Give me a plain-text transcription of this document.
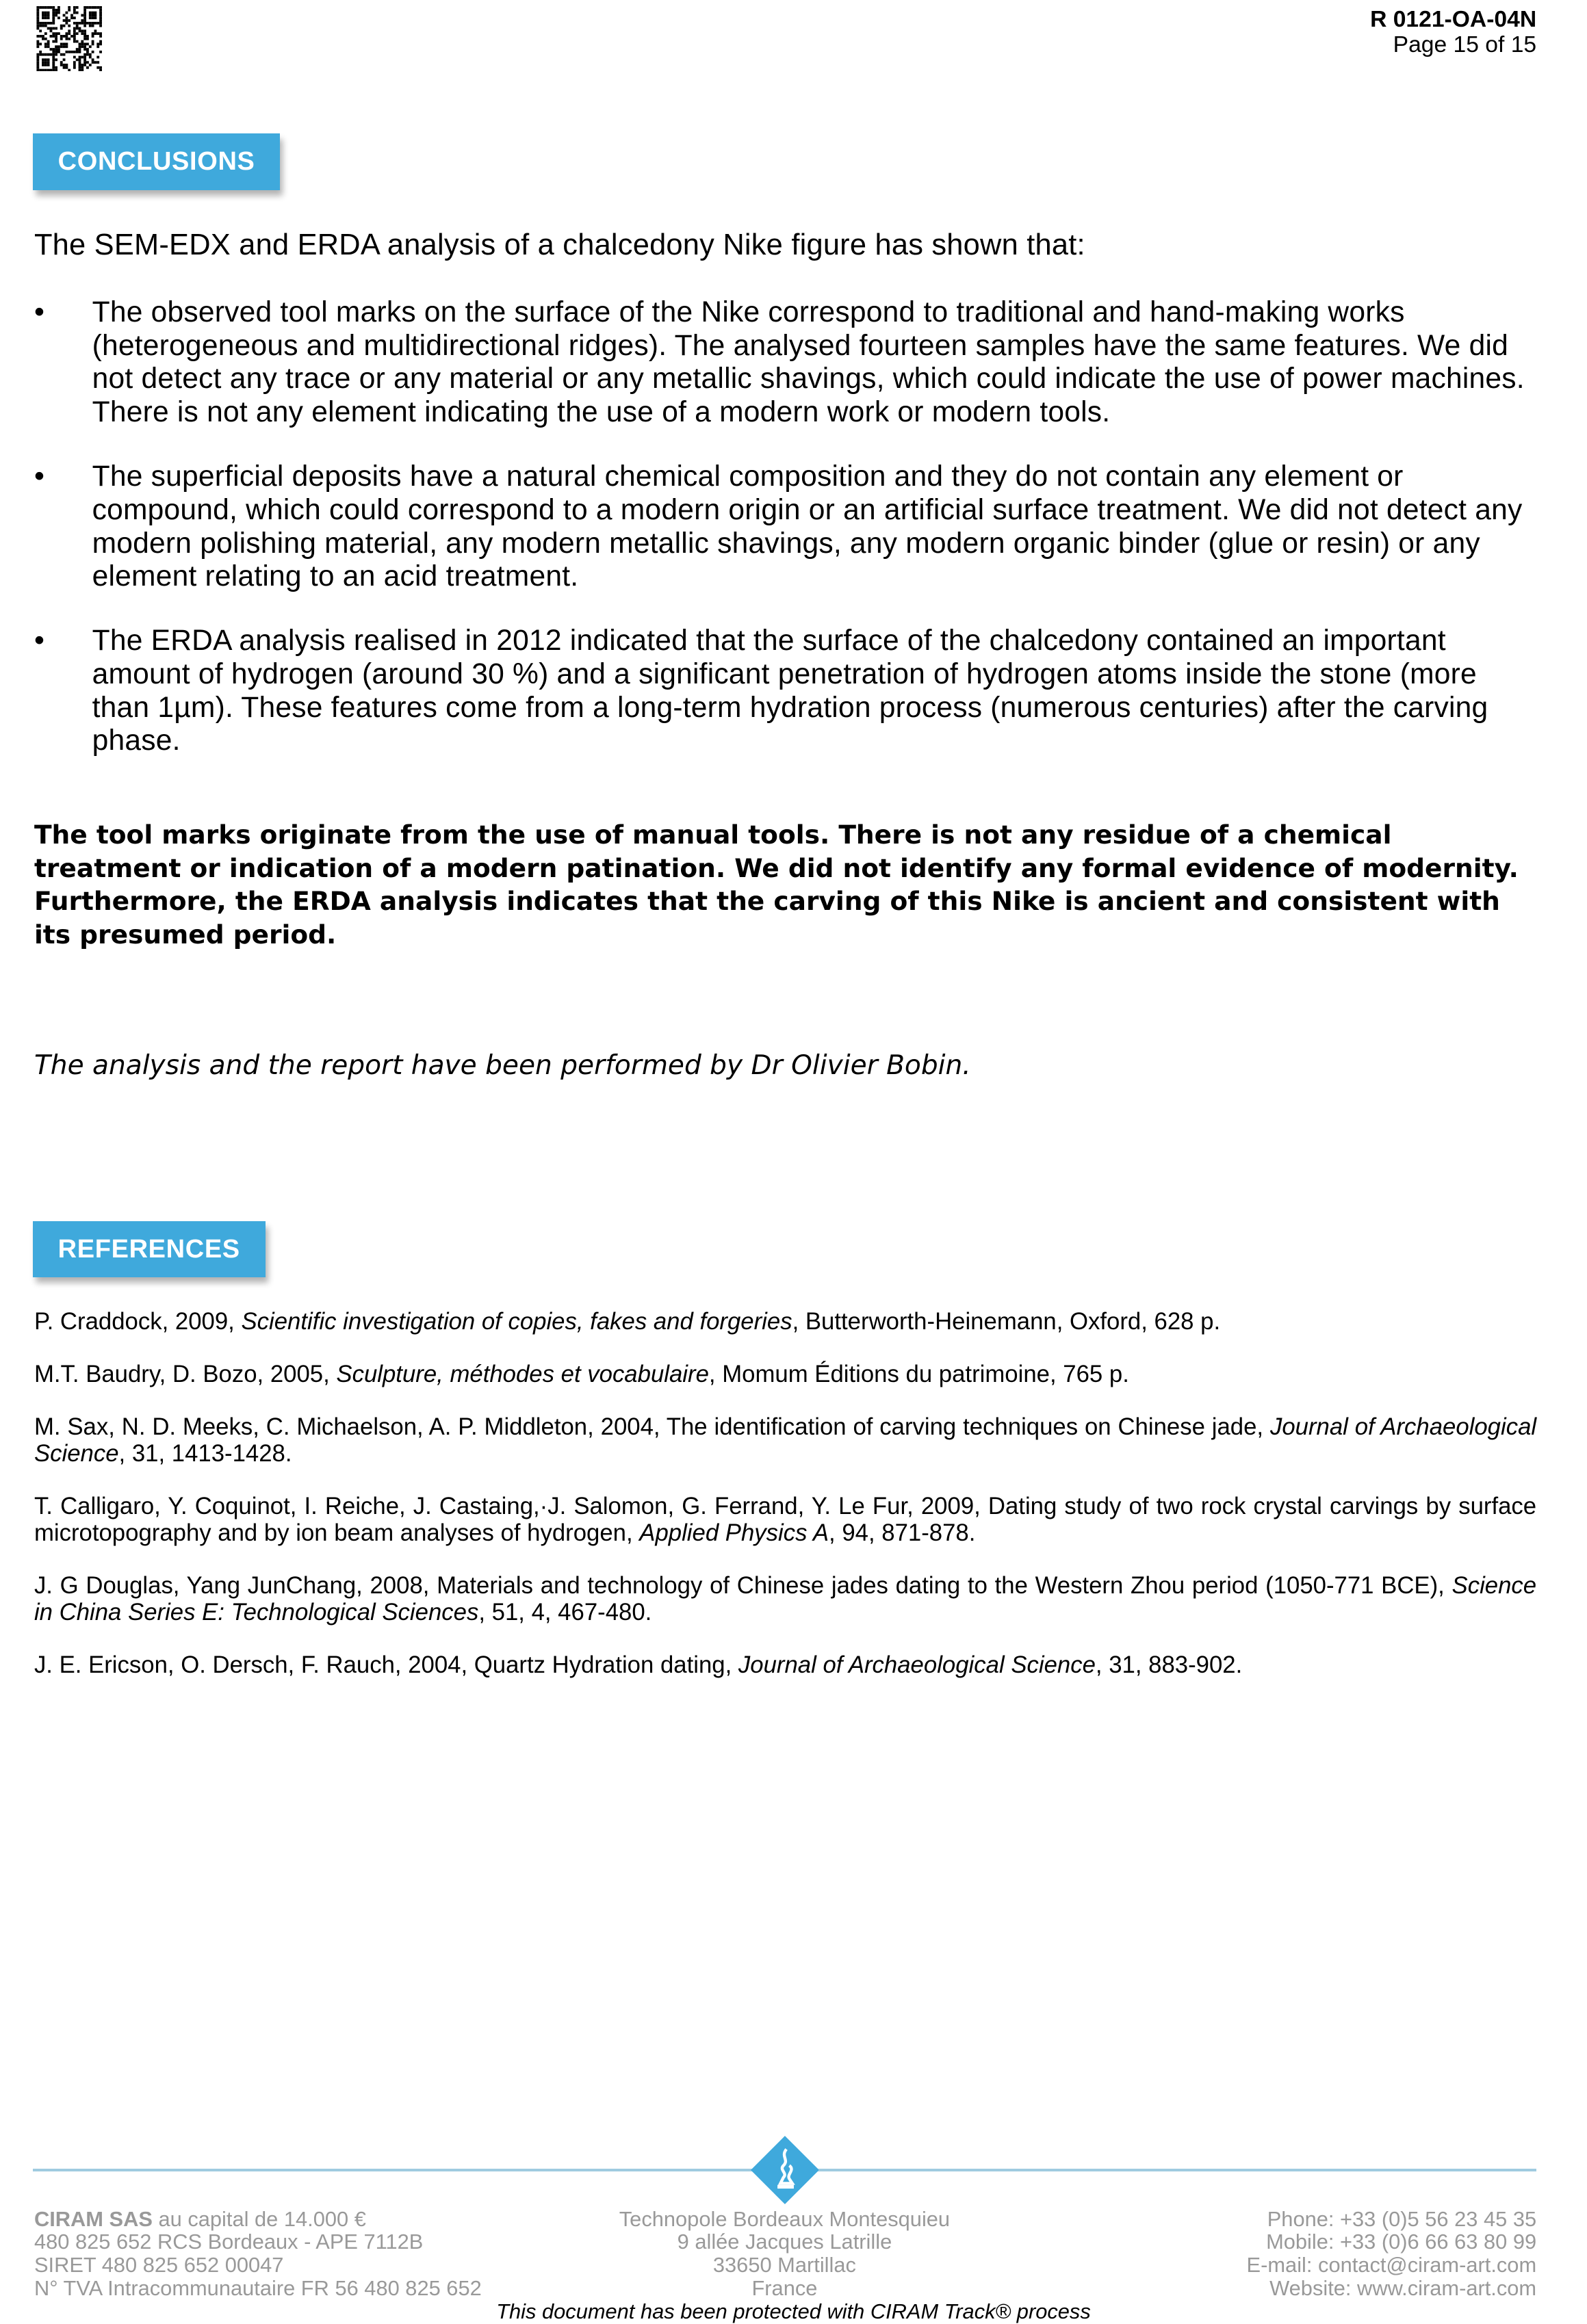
R 0121-OA-04N
Page 15 of 15
CONCLUSIONS
The SEM-EDX and ERDA analysis of a chalcedony Nike figure has shown that:
•	The observed tool marks on the surface of the Nike correspond to traditional and hand-making works (heterogeneous and multidirectional ridges). The analysed fourteen samples have the same features. We did not detect any trace or any material or any metallic shavings, which could indicate the use of power machines. There is not any element indicating the use of a modern work or modern tools.
•	The superficial deposits have a natural chemical composition and they do not contain any element or compound, which could correspond to a modern origin or an artificial surface treatment. We did not detect any modern polishing material, any modern metallic shavings, any modern organic binder (glue or resin) or any element relating to an acid treatment.
•	The ERDA analysis realised in 2012 indicated that the surface of the chalcedony contained an important amount of hydrogen (around 30 %) and a significant penetration of hydrogen atoms inside the stone (more than 1µm). These features come from a long-term hydration process (numerous centuries) after the carving phase.
The tool marks originate from the use of manual tools. There is not any residue of a chemical treatment or indication of a modern patination. We did not identify any formal evidence of modernity. Furthermore, the ERDA analysis indicates that the carving of this Nike is ancient and consistent with its presumed period.
The analysis and the report have been performed by Dr Olivier Bobin.
REFERENCES
P. Craddock, 2009, Scientific investigation of copies, fakes and forgeries, Butterworth-Heinemann, Oxford, 628 p.
M.T. Baudry, D. Bozo, 2005, Sculpture, méthodes et vocabulaire, Momum Éditions du patrimoine, 765 p.
M. Sax, N. D. Meeks, C. Michaelson, A. P. Middleton, 2004, The identification of carving techniques on Chinese jade, Journal of Archaeological Science, 31, 1413-1428.
T. Calligaro, Y. Coquinot, I. Reiche, J. Castaing,·J. Salomon, G. Ferrand, Y. Le Fur, 2009, Dating study of two rock crystal carvings by surface microtopography and by ion beam analyses of hydrogen, Applied Physics A, 94, 871-878.
J. G Douglas, Yang JunChang, 2008, Materials and technology of Chinese jades dating to the Western Zhou period (1050-771 BCE), Science in China Series E: Technological Sciences, 51, 4, 467-480.
J. E. Ericson, O. Dersch, F. Rauch, 2004, Quartz Hydration dating, Journal of Archaeological Science, 31, 883-902.
CIRAM SAS au capital de 14.000 €
480 825 652 RCS Bordeaux - APE 7112B
SIRET 480 825 652 00047
N° TVA Intracommunautaire FR 56 480 825 652
Technopole Bordeaux Montesquieu
9 allée Jacques Latrille
33650 Martillac
France
Phone: +33 (0)5 56 23 45 35
Mobile: +33 (0)6 66 63 80 99
E-mail: contact@ciram-art.com
Website: www.ciram-art.com
This document has been protected with CIRAM Track® process
